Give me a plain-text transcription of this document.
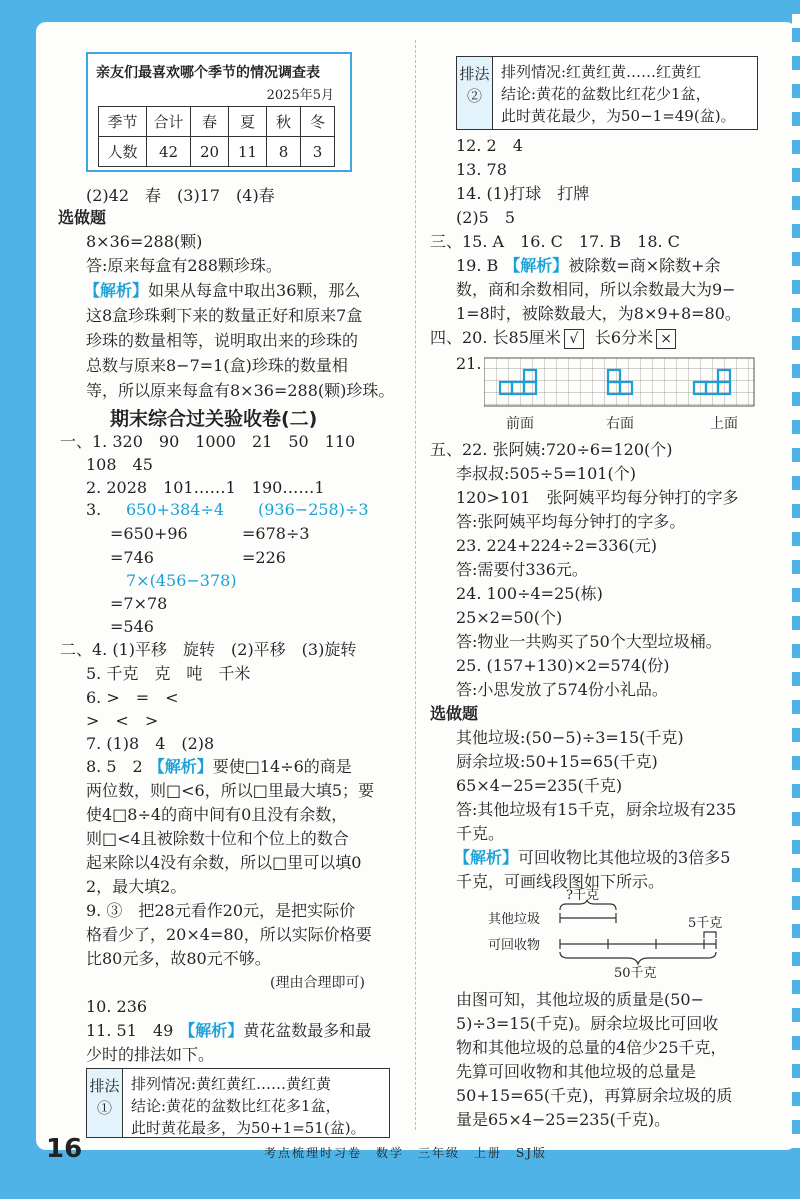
亲友们最喜欢哪个季节的情况调查表
2025年5月
季节	合计	春	夏	秋	冬
人数	42	20	11	8	3
(2)42　春　(3)17　(4)春
选做题
8×36=288(颗)
答:原来每盒有288颗珍珠。
【解析】如果从每盒中取出36颗，那么
这8盒珍珠剩下来的数量正好和原来7盒
珍珠的数量相等，说明取出来的珍珠的
总数与原来8−7=1(盒)珍珠的数量相
等，所以原来每盒有8×36=288(颗)珍珠。
期末综合过关验收卷(二)
一、1. 320　90　1000　21　50　110
108　45
2. 2028　101……1　190……1
3. 650+384÷4 (936−258)÷3
=650+96	=678÷3
=746	=226
7×(456−378)
=7×78
=546
二、4. (1)平移　旋转　(2)平移　(3)旋转
5. 千克　克　吨　千米
6. >　=　<
>　<　>
7. (1)8　4　(2)8
8. 5　2 【解析】要使□14÷6的商是
两位数，则□<6，所以□里最大填5；要
使4□8÷4的商中间有0且没有余数，
则□<4且被除数十位和个位上的数合
起来除以4没有余数，所以□里可以填0
2，最大填2。
9. ③　把28元看作20元，是把实际价
格看少了，20×4=80，所以实际价格要
比80元多，故80元不够。
(理由合理即可)
10. 236
11. 51　49 【解析】黄花盆数最多和最
少时的排法如下。
排法①
排列情况:黄红黄红……黄红黄
结论:黄花的盆数比红花多1盆，
此时黄花最多，为50+1=51(盆)。
排法②
排列情况:红黄红黄……红黄红
结论:黄花的盆数比红花少1盆，
此时黄花最少，为50−1=49(盆)。
12. 2　4
13. 78
14. (1)打球　打牌
(2)5　5
三、15. A　16. C　17. B　18. C
19. B 【解析】被除数=商×除数+余
数，商和余数相同，所以余数最大为9−
1=8时，被除数最大，为8×9+8=80。
四、20. 长85厘米 √ 长6分米 ×
21.
前面	右面	上面
五、22. 张阿姨:720÷6=120(个)
李叔叔:505÷5=101(个)
120>101　张阿姨平均每分钟打的字多
答:张阿姨平均每分钟打的字多。
23. 224+224÷2=336(元)
答:需要付336元。
24. 100÷4=25(栋)
25×2=50(个)
答:物业一共购买了50个大型垃圾桶。
25. (157+130)×2=574(份)
答:小思发放了574份小礼品。
选做题
其他垃圾:(50−5)÷3=15(千克)
厨余垃圾:50+15=65(千克)
65×4−25=235(千克)
答:其他垃圾有15千克，厨余垃圾有235
千克。
【解析】可回收物比其他垃圾的3倍多5
千克，可画线段图如下所示。
?千克
其他垃圾
可回收物
5千克
50千克
由图可知，其他垃圾的质量是(50−
5)÷3=15(千克)。厨余垃圾比可回收
物和其他垃圾的总量的4倍少25千克，
先算可回收物和其他垃圾的总量是
50+15=65(千克)，再算厨余垃圾的质
量是65×4−25=235(千克)。
16	考点梳理时习卷　数学　三年级　上册　SJ版
